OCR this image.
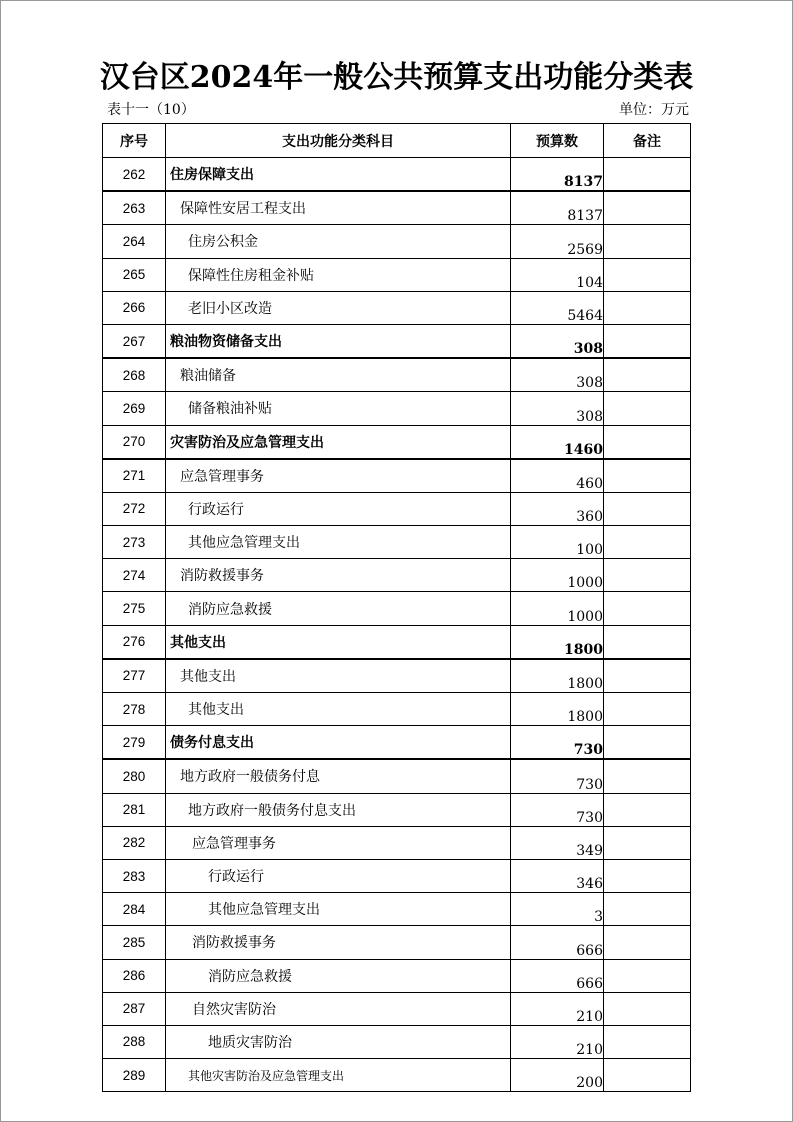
汉台区2024年一般公共预算支出功能分类表
表十一（10）	单位：万元
序号	支出功能分类科目	预算数	备注
262	住房保障支出	8137	
263	保障性安居工程支出	8137	
264	住房公积金	2569	
265	保障性住房租金补贴	104	
266	老旧小区改造	5464	
267	粮油物资储备支出	308	
268	粮油储备	308	
269	储备粮油补贴	308	
270	灾害防治及应急管理支出	1460	
271	应急管理事务	460	
272	行政运行	360	
273	其他应急管理支出	100	
274	消防救援事务	1000	
275	消防应急救援	1000	
276	其他支出	1800	
277	其他支出	1800	
278	其他支出	1800	
279	债务付息支出	730	
280	地方政府一般债务付息	730	
281	地方政府一般债务付息支出	730	
282	应急管理事务	349	
283	行政运行	346	
284	其他应急管理支出	3	
285	消防救援事务	666	
286	消防应急救援	666	
287	自然灾害防治	210	
288	地质灾害防治	210	
289	其他灾害防治及应急管理支出	200	
